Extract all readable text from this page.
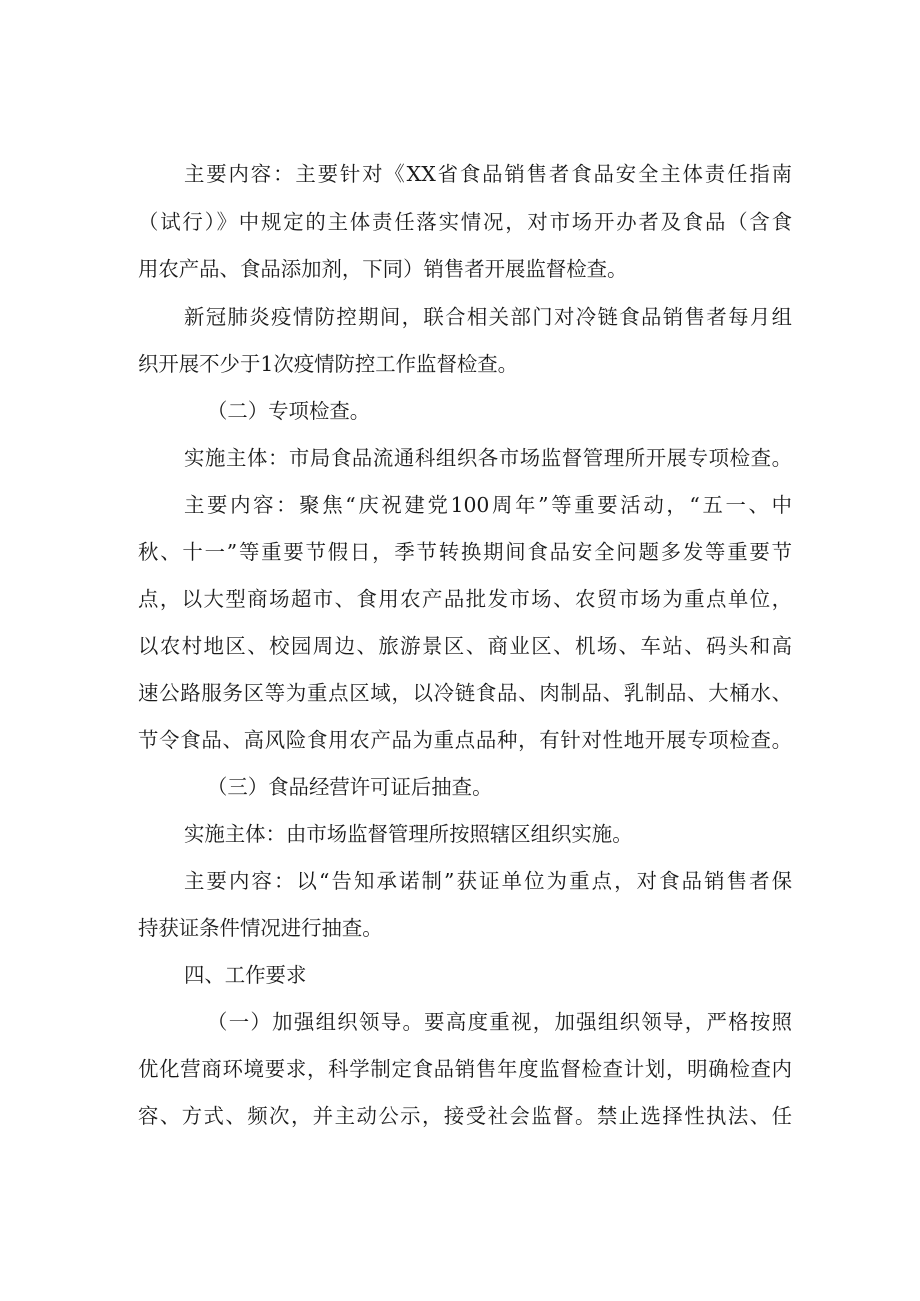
主要内容：主要针对《XX省食品销售者食品安全主体责任指南

（试行）》中规定的主体责任落实情况，对市场开办者及食品（含食

用农产品、食品添加剂，下同）销售者开展监督检查。

新冠肺炎疫情防控期间，联合相关部门对冷链食品销售者每月组

织开展不少于1次疫情防控工作监督检查。

（二）专项检查。

实施主体：市局食品流通科组织各市场监督管理所开展专项检查。

主要内容：聚焦“庆祝建党100周年”等重要活动，“五一、中

秋、十一”等重要节假日，季节转换期间食品安全问题多发等重要节

点，以大型商场超市、食用农产品批发市场、农贸市场为重点单位，

以农村地区、校园周边、旅游景区、商业区、机场、车站、码头和高

速公路服务区等为重点区域，以冷链食品、肉制品、乳制品、大桶水、

节令食品、高风险食用农产品为重点品种，有针对性地开展专项检查。

（三）食品经营许可证后抽查。

实施主体：由市场监督管理所按照辖区组织实施。

主要内容：以“告知承诺制”获证单位为重点，对食品销售者保

持获证条件情况进行抽查。

四、工作要求

（一）加强组织领导。要高度重视，加强组织领导，严格按照

优化营商环境要求，科学制定食品销售年度监督检查计划，明确检查内

容、方式、频次，并主动公示，接受社会监督。禁止选择性执法、任
